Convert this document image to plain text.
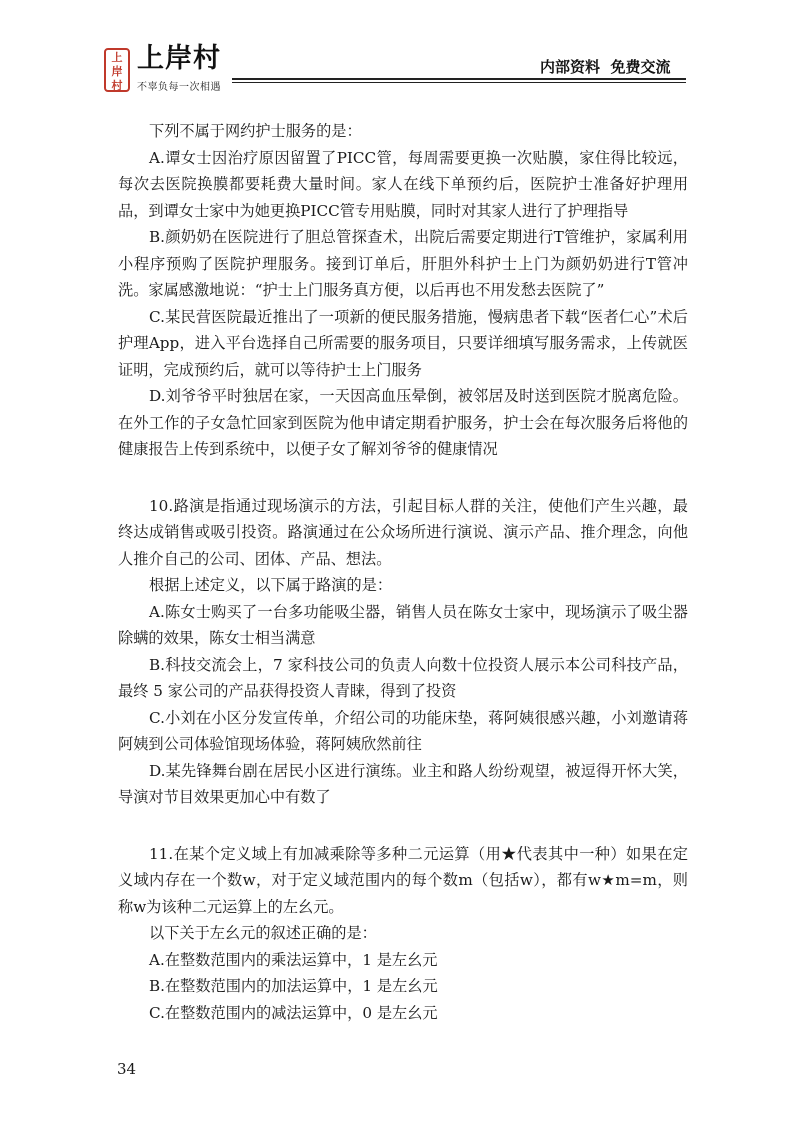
上
岸
村
上岸村
不辜负每一次相遇
内部资料  免费交流

下列不属于网约护士服务的是：

A.谭女士因治疗原因留置了PICC管，每周需要更换一次贴膜，家住得比较远，每次去医院换膜都要耗费大量时间。家人在线下单预约后，医院护士准备好护理用品，到谭女士家中为她更换PICC管专用贴膜，同时对其家人进行了护理指导

B.颜奶奶在医院进行了胆总管探查术，出院后需要定期进行T管维护，家属利用小程序预购了医院护理服务。接到订单后，肝胆外科护士上门为颜奶奶进行T管冲洗。家属感激地说：“护士上门服务真方便，以后再也不用发愁去医院了”

C.某民营医院最近推出了一项新的便民服务措施，慢病患者下载“医者仁心”术后护理App，进入平台选择自己所需要的服务项目，只要详细填写服务需求，上传就医证明，完成预约后，就可以等待护士上门服务

D.刘爷爷平时独居在家，一天因高血压晕倒，被邻居及时送到医院才脱离危险。在外工作的子女急忙回家到医院为他申请定期看护服务，护士会在每次服务后将他的健康报告上传到系统中，以便子女了解刘爷爷的健康情况

10.路演是指通过现场演示的方法，引起目标人群的关注，使他们产生兴趣，最终达成销售或吸引投资。路演通过在公众场所进行演说、演示产品、推介理念，向他人推介自己的公司、团体、产品、想法。

根据上述定义，以下属于路演的是：

A.陈女士购买了一台多功能吸尘器，销售人员在陈女士家中，现场演示了吸尘器除螨的效果，陈女士相当满意

B.科技交流会上，7 家科技公司的负责人向数十位投资人展示本公司科技产品，最终 5 家公司的产品获得投资人青睐，得到了投资

C.小刘在小区分发宣传单，介绍公司的功能床垫，蒋阿姨很感兴趣，小刘邀请蒋阿姨到公司体验馆现场体验，蒋阿姨欣然前往

D.某先锋舞台剧在居民小区进行演练。业主和路人纷纷观望，被逗得开怀大笑，导演对节目效果更加心中有数了

11.在某个定义域上有加减乘除等多种二元运算（用★代表其中一种）如果在定义域内存在一个数w，对于定义域范围内的每个数m（包括w），都有w★m=m，则称w为该种二元运算上的左幺元。

以下关于左幺元的叙述正确的是：

A.在整数范围内的乘法运算中，1 是左幺元

B.在整数范围内的加法运算中，1 是左幺元

C.在整数范围内的减法运算中，0 是左幺元

34
